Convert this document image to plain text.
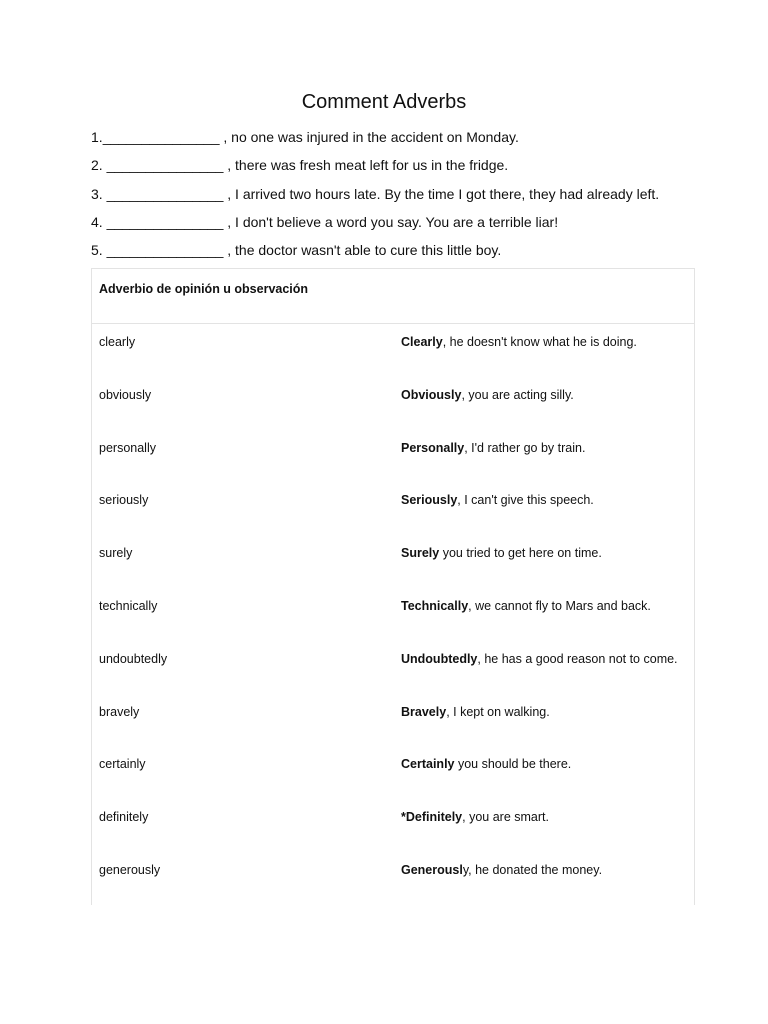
Comment Adverbs
1._______________ , no one was injured in the accident on Monday.
2. _______________ , there was fresh meat left for us in the fridge.
3. _______________ , I arrived two hours late. By the time I got there, they had already left.
4. _______________ , I don't believe a word you say. You are a terrible liar!
5. _______________ , the doctor wasn't able to cure this little boy.
Adverbio de opinión u observación
clearly	Clearly, he doesn't know what he is doing.
obviously	Obviously, you are acting silly.
personally	Personally, I'd rather go by train.
seriously	Seriously, I can't give this speech.
surely	Surely you tried to get here on time.
technically	Technically, we cannot fly to Mars and back.
undoubtedly	Undoubtedly, he has a good reason not to come.
bravely	Bravely, I kept on walking.
certainly	Certainly you should be there.
definitely	*Definitely, you are smart.
generously	Generously, he donated the money.
